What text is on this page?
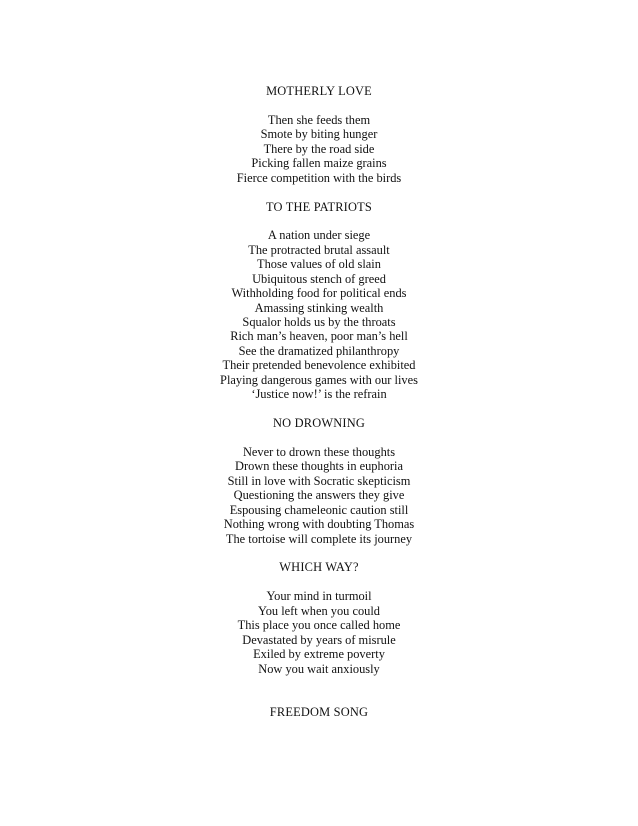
MOTHERLY LOVE
Then she feeds them
Smote by biting hunger
There by the road side
Picking fallen maize grains
Fierce competition with the birds
TO THE PATRIOTS
A nation under siege
The protracted brutal assault
Those values of old slain
Ubiquitous stench of greed
Withholding food for political ends
Amassing stinking wealth
Squalor holds us by the throats
Rich man’s heaven, poor man’s hell
See the dramatized philanthropy
Their pretended benevolence exhibited
Playing dangerous games with our lives
‘Justice now!’ is the refrain
NO DROWNING
Never to drown these thoughts
Drown these thoughts in euphoria
Still in love with Socratic skepticism
Questioning the answers they give
Espousing chameleonic caution still
Nothing wrong with doubting Thomas
The tortoise will complete its journey
WHICH WAY?
Your mind in turmoil
You left when you could
This place you once called home
Devastated by years of misrule
Exiled by extreme poverty
Now you wait anxiously
FREEDOM SONG
